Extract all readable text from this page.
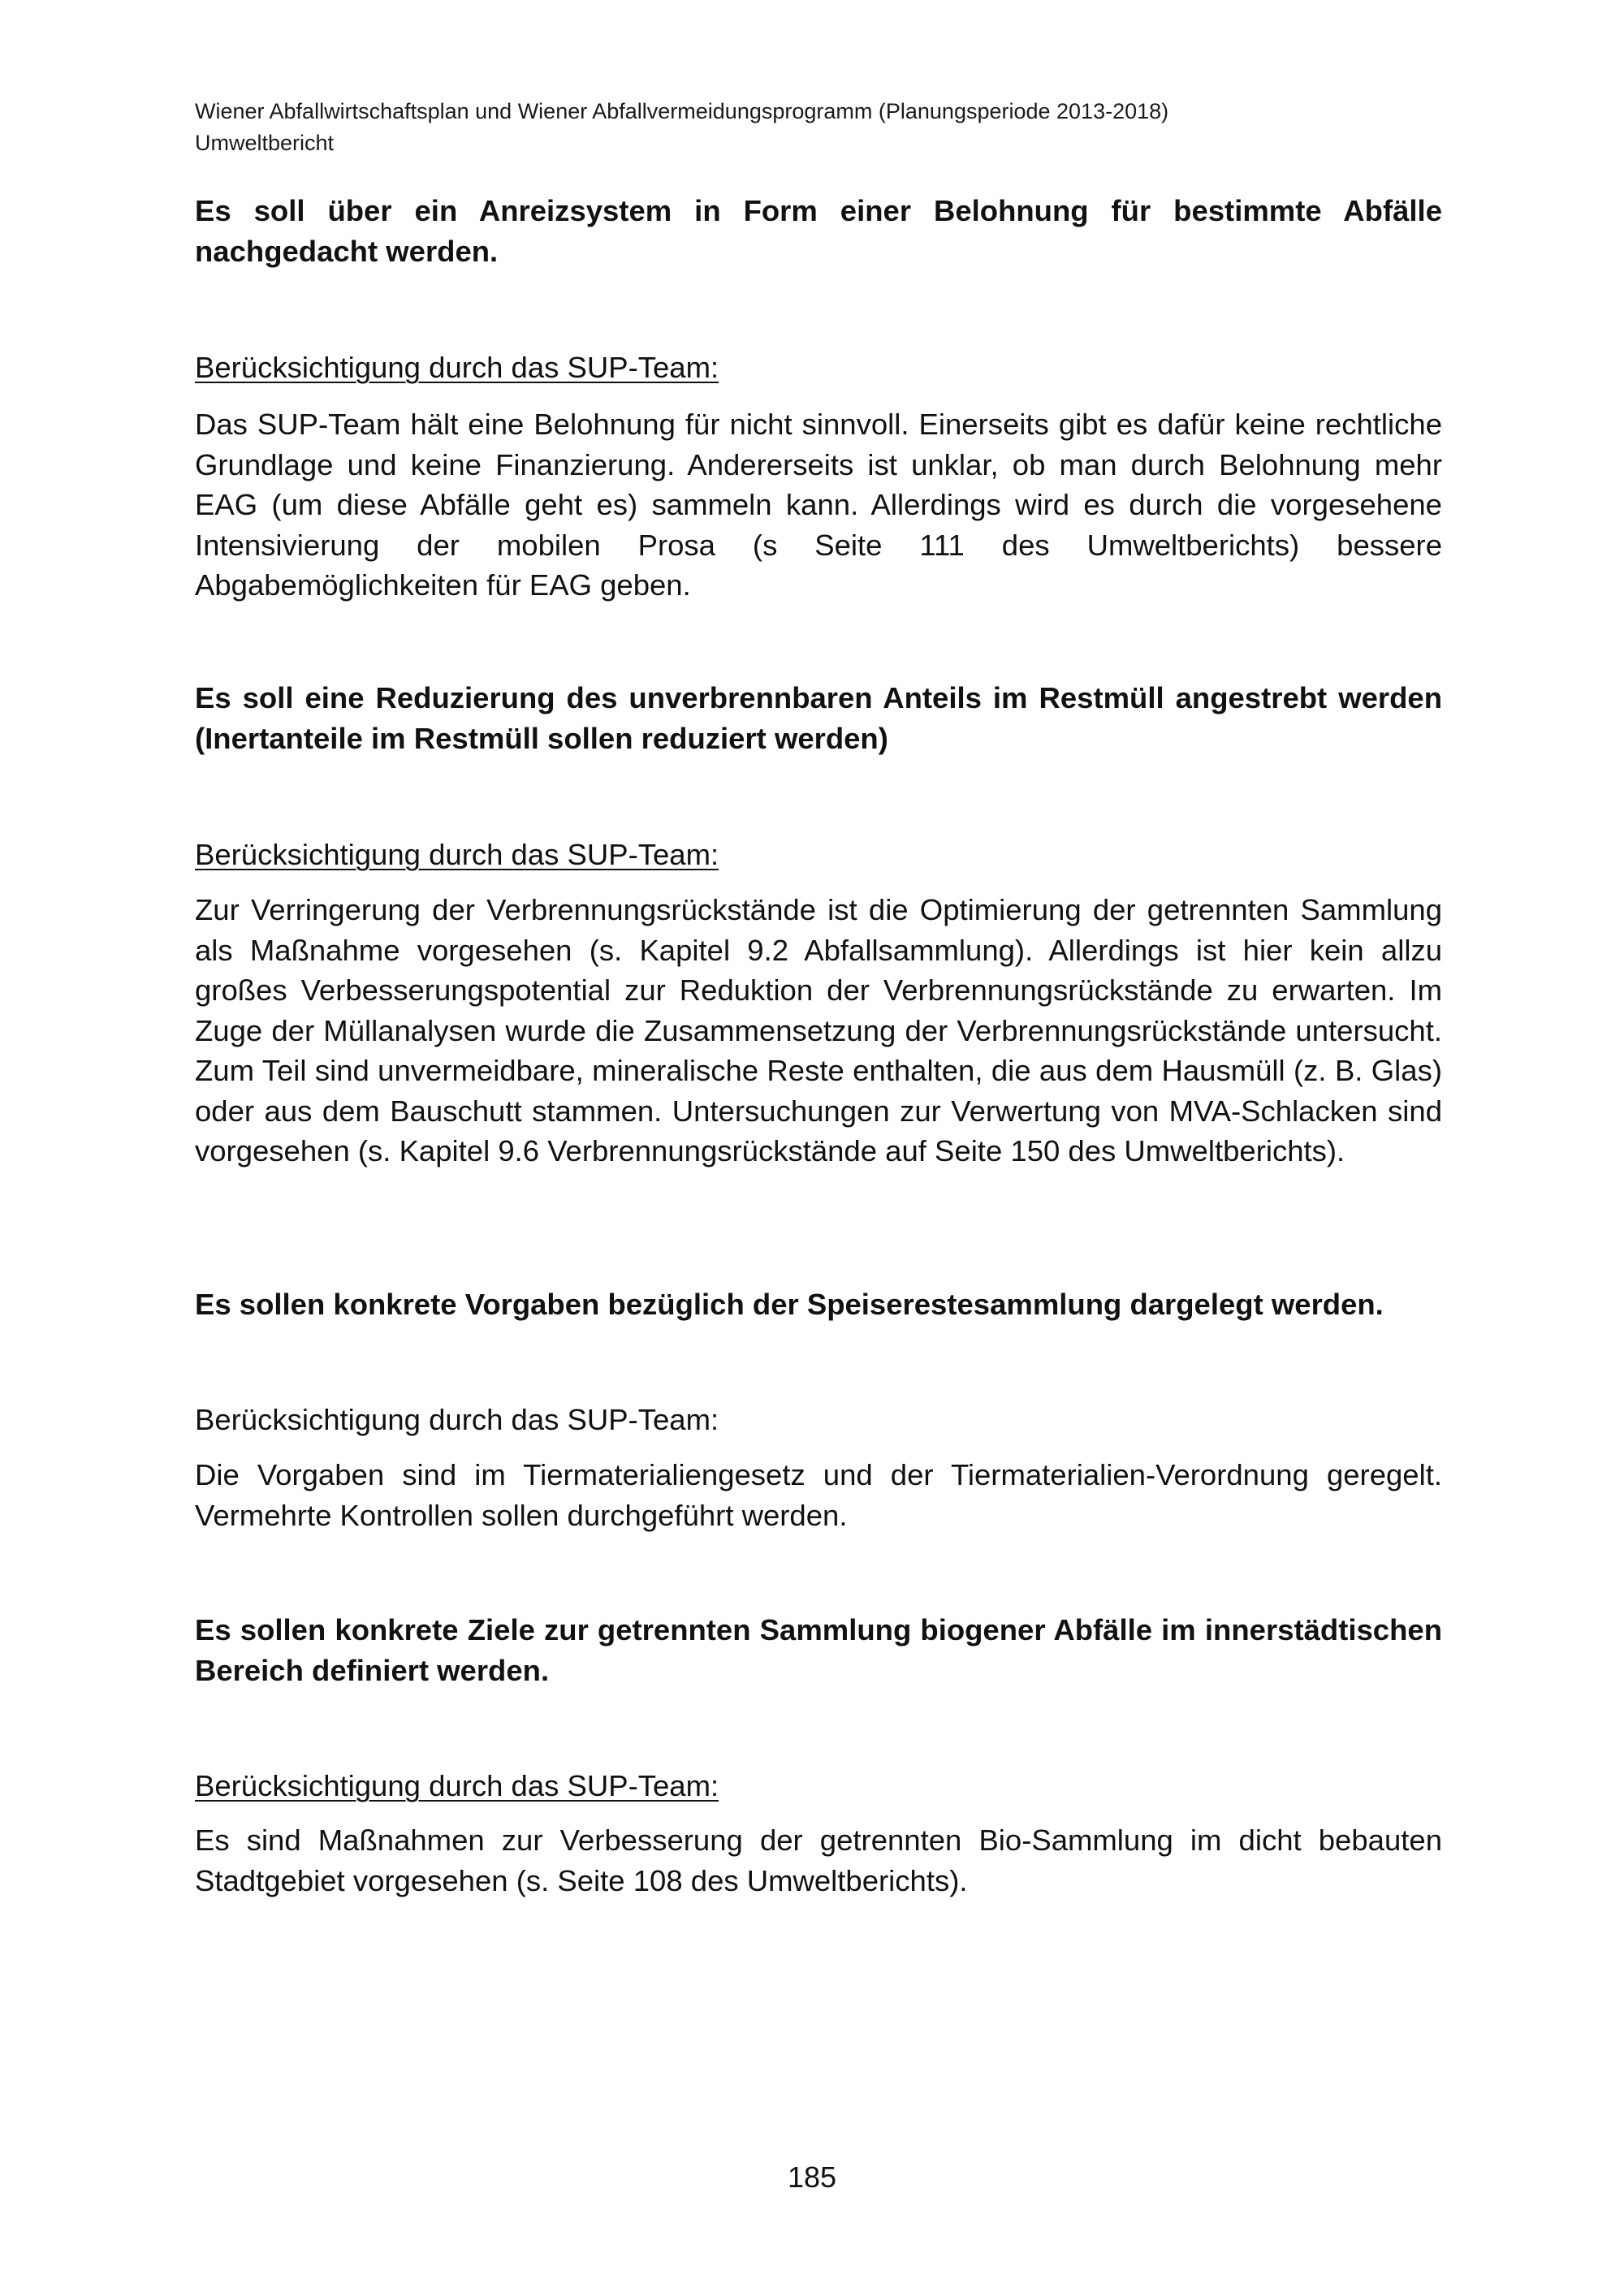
Wiener Abfallwirtschaftsplan und Wiener Abfallvermeidungsprogramm (Planungsperiode 2013-2018)
Umweltbericht
Es soll über ein Anreizsystem in Form einer Belohnung für bestimmte Abfälle nachgedacht werden.
Berücksichtigung durch das SUP-Team:
Das SUP-Team hält eine Belohnung für nicht sinnvoll. Einerseits gibt es dafür keine rechtliche Grundlage und keine Finanzierung. Andererseits ist unklar, ob man durch Belohnung mehr EAG (um diese Abfälle geht es) sammeln kann. Allerdings wird es durch die vorgesehene Intensivierung der mobilen Prosa (s Seite 111 des Umweltberichts) bessere Abgabemöglichkeiten für EAG geben.
Es soll eine Reduzierung des unverbrennbaren Anteils im Restmüll angestrebt werden (Inertanteile im Restmüll sollen reduziert werden)
Berücksichtigung durch das SUP-Team:
Zur Verringerung der Verbrennungsrückstände ist die Optimierung der getrennten Sammlung als Maßnahme vorgesehen (s. Kapitel 9.2 Abfallsammlung). Allerdings ist hier kein allzu großes Verbesserungspotential zur Reduktion der Verbrennungsrückstände zu erwarten. Im Zuge der Müllanalysen wurde die Zusammensetzung der Verbrennungsrückstände untersucht. Zum Teil sind unvermeidbare, mineralische Reste enthalten, die aus dem Hausmüll (z. B. Glas) oder aus dem Bauschutt stammen. Untersuchungen zur Verwertung von MVA-Schlacken sind vorgesehen (s. Kapitel 9.6 Verbrennungsrückstände auf Seite 150 des Umweltberichts).
Es sollen konkrete Vorgaben bezüglich der Speiserestesammlung dargelegt werden.
Berücksichtigung durch das SUP-Team:
Die Vorgaben sind im Tiermaterialiengesetz und der Tiermaterialien-Verordnung geregelt. Vermehrte Kontrollen sollen durchgeführt werden.
Es sollen konkrete Ziele zur getrennten Sammlung biogener Abfälle im innerstädtischen Bereich definiert werden.
Berücksichtigung durch das SUP-Team:
Es sind Maßnahmen zur Verbesserung der getrennten Bio-Sammlung im dicht bebauten Stadtgebiet vorgesehen (s. Seite 108 des Umweltberichts).
185
